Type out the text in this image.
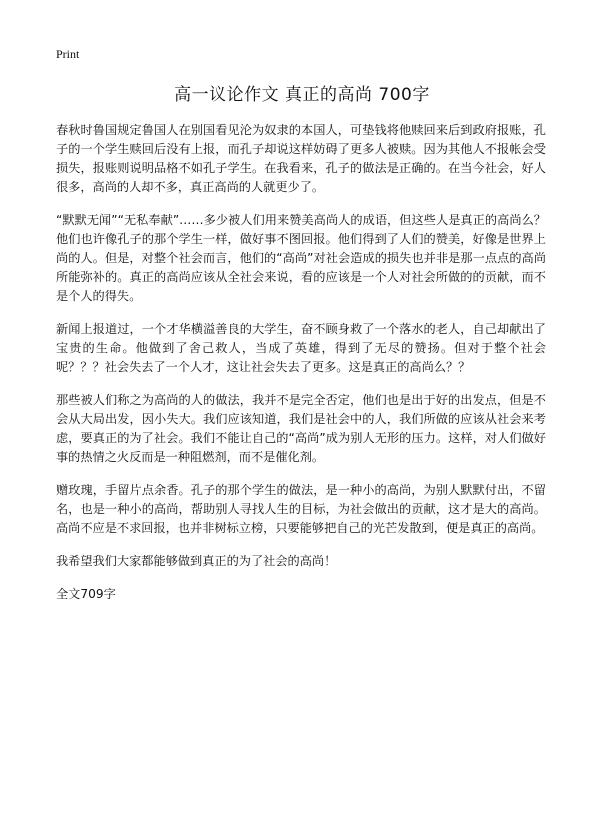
Print
高一议论作文 真正的高尚 700字

春秋时鲁国规定鲁国人在别国看见沦为奴隶的本国人，可垫钱将他赎回来后到政府报账，孔子的一个学生赎回后没有上报，而孔子却说这样妨碍了更多人被赎。因为其他人不报帐会受损失，报账则说明品格不如孔子学生。在我看来，孔子的做法是正确的。在当今社会，好人很多，高尚的人却不多，真正高尚的人就更少了。

“默默无闻”“无私奉献”……多少被人们用来赞美高尚人的成语，但这些人是真正的高尚么？他们也许像孔子的那个学生一样，做好事不图回报。他们得到了人们的赞美，好像是世界上尚的人。但是，对整个社会而言，他们的“高尚”对社会造成的损失也并非是那一点点的高尚所能弥补的。真正的高尚应该从全社会来说，看的应该是一个人对社会所做的的贡献，而不是个人的得失。

新闻上报道过，一个才华横溢善良的大学生，奋不顾身救了一个落水的老人，自己却献出了宝贵的生命。他做到了舍己救人，当成了英雄，得到了无尽的赞扬。但对于整个社会呢？？？社会失去了一个人才，这让社会失去了更多。这是真正的高尚么？？

那些被人们称之为高尚的人的做法，我并不是完全否定，他们也是出于好的出发点，但是不会从大局出发，因小失大。我们应该知道，我们是社会中的人，我们所做的应该从社会来考虑，要真正的为了社会。我们不能让自己的“高尚”成为别人无形的压力。这样，对人们做好事的热情之火反而是一种阻燃剂，而不是催化剂。

赠玫瑰，手留片点余香。孔子的那个学生的做法，是一种小的高尚，为别人默默付出，不留名，也是一种小的高尚，帮助别人寻找人生的目标，为社会做出的贡献，这才是大的高尚。高尚不应是不求回报，也并非树标立榜，只要能够把自己的光芒发散到，便是真正的高尚。

我希望我们大家都能够做到真正的为了社会的高尚！

全文709字
